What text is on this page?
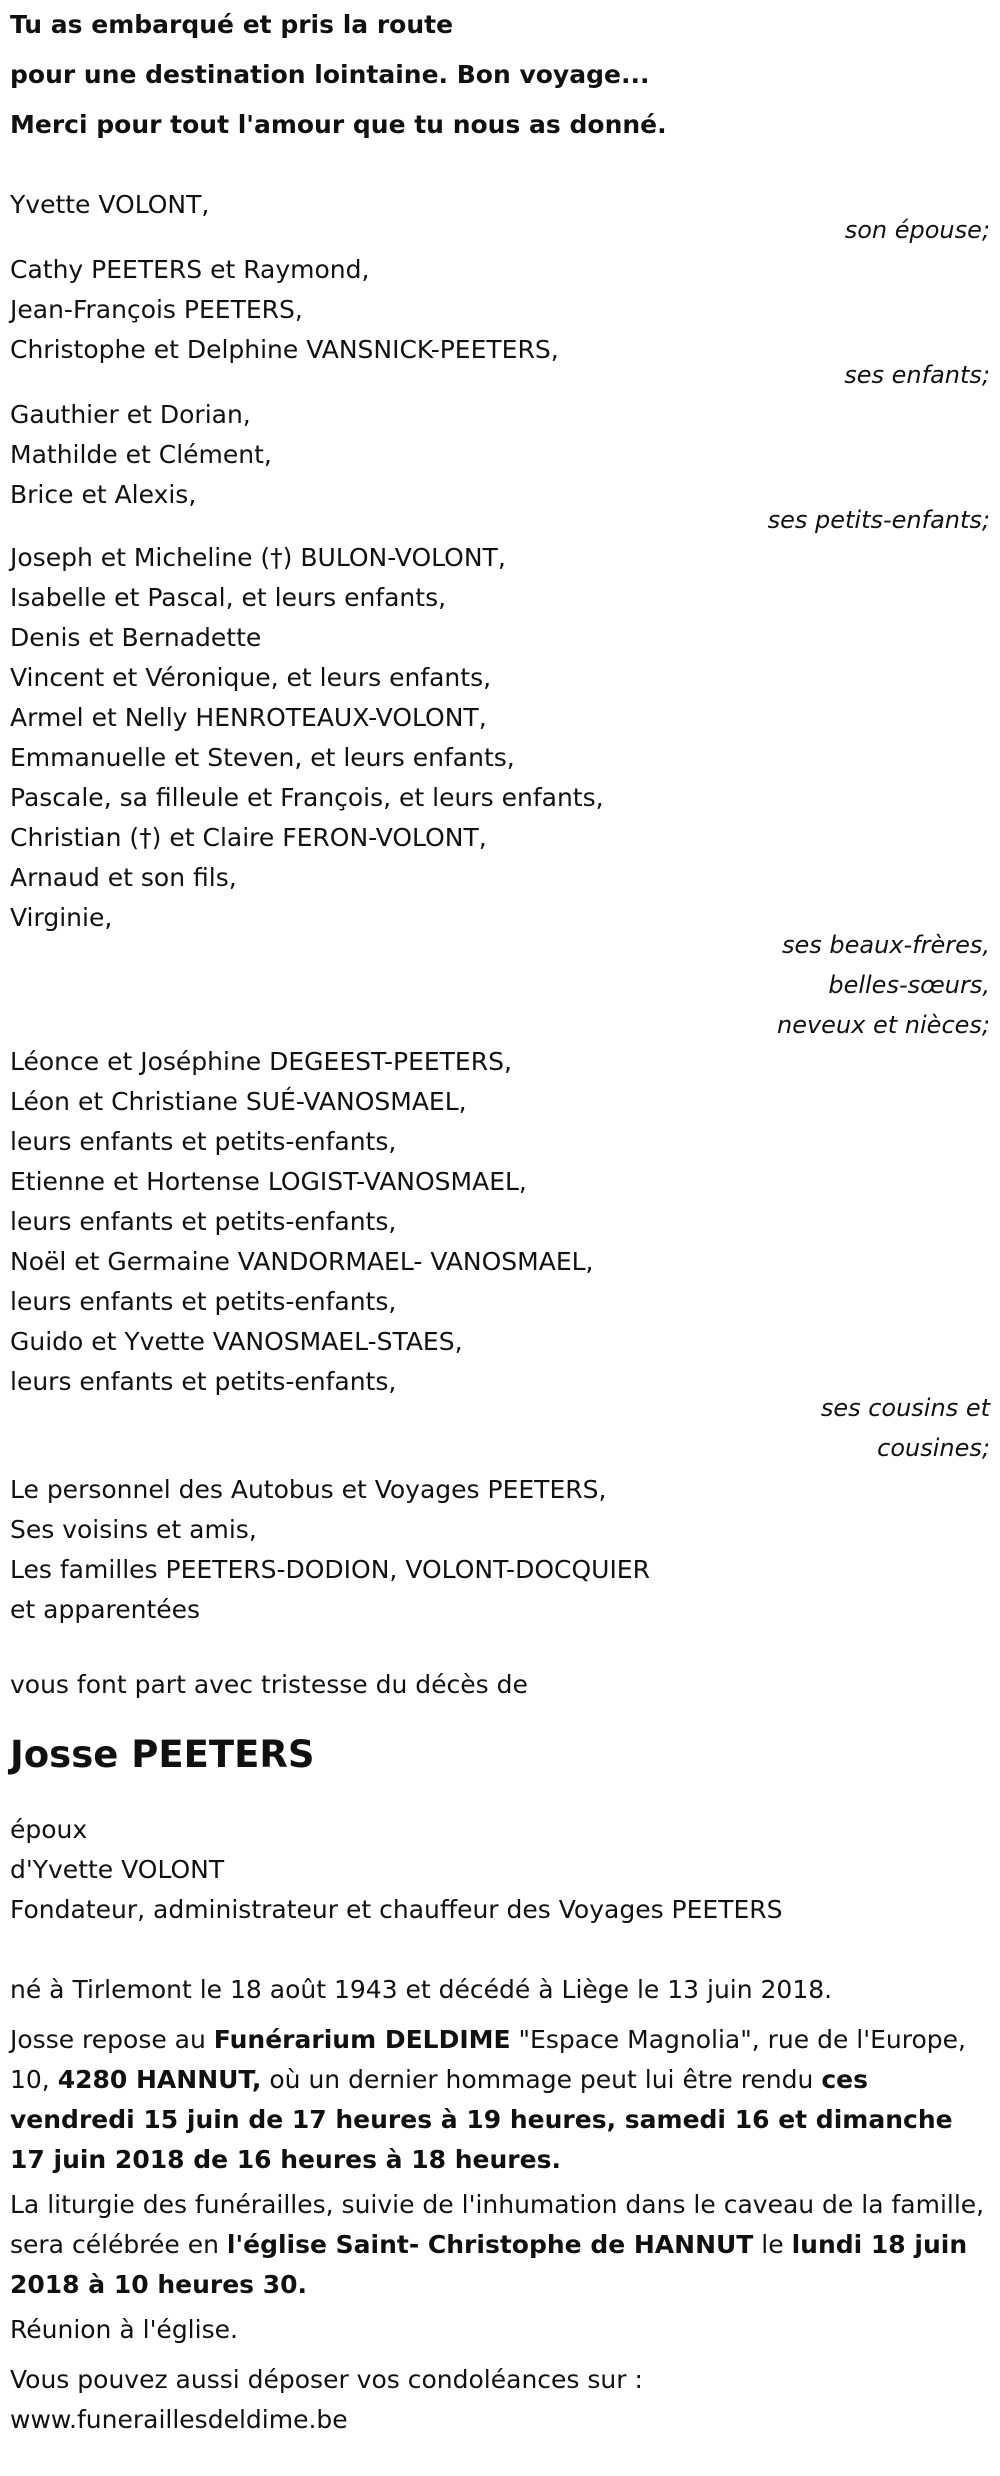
Tu as embarqué et pris la route
pour une destination lointaine. Bon voyage...
Merci pour tout l'amour que tu nous as donné.
Yvette VOLONT,
son épouse;
Cathy PEETERS et Raymond,
Jean-François PEETERS,
Christophe et Delphine VANSNICK-PEETERS,
ses enfants;
Gauthier et Dorian,
Mathilde et Clément,
Brice et Alexis,
ses petits-enfants;
Joseph et Micheline (†) BULON-VOLONT,
Isabelle et Pascal, et leurs enfants,
Denis et Bernadette
Vincent et Véronique, et leurs enfants,
Armel et Nelly HENROTEAUX-VOLONT,
Emmanuelle et Steven, et leurs enfants,
Pascale, sa filleule et François, et leurs enfants,
Christian (†) et Claire FERON-VOLONT,
Arnaud et son fils,
Virginie,
ses beaux-frères,
belles-sœurs,
neveux et nièces;
Léonce et Joséphine DEGEEST-PEETERS,
Léon et Christiane SUÉ-VANOSMAEL,
leurs enfants et petits-enfants,
Etienne et Hortense LOGIST-VANOSMAEL,
leurs enfants et petits-enfants,
Noël et Germaine VANDORMAEL- VANOSMAEL,
leurs enfants et petits-enfants,
Guido et Yvette VANOSMAEL-STAES,
leurs enfants et petits-enfants,
ses cousins et
cousines;
Le personnel des Autobus et Voyages PEETERS,
Ses voisins et amis,
Les familles PEETERS-DODION, VOLONT-DOCQUIER
et apparentées
vous font part avec tristesse du décès de
Josse PEETERS
époux
d'Yvette VOLONT
Fondateur, administrateur et chauffeur des Voyages PEETERS
né à Tirlemont le 18 août 1943 et décédé à Liège le 13 juin 2018.
Josse repose au Funérarium DELDIME "Espace Magnolia", rue de l'Europe, 10, 4280 HANNUT, où un dernier hommage peut lui être rendu ces vendredi 15 juin de 17 heures à 19 heures, samedi 16 et dimanche 17 juin 2018 de 16 heures à 18 heures.
La liturgie des funérailles, suivie de l'inhumation dans le caveau de la famille, sera célébrée en l'église Saint- Christophe de HANNUT le lundi 18 juin 2018 à 10 heures 30.
Réunion à l'église.
Vous pouvez aussi déposer vos condoléances sur :
www.funeraillesdeldime.be
